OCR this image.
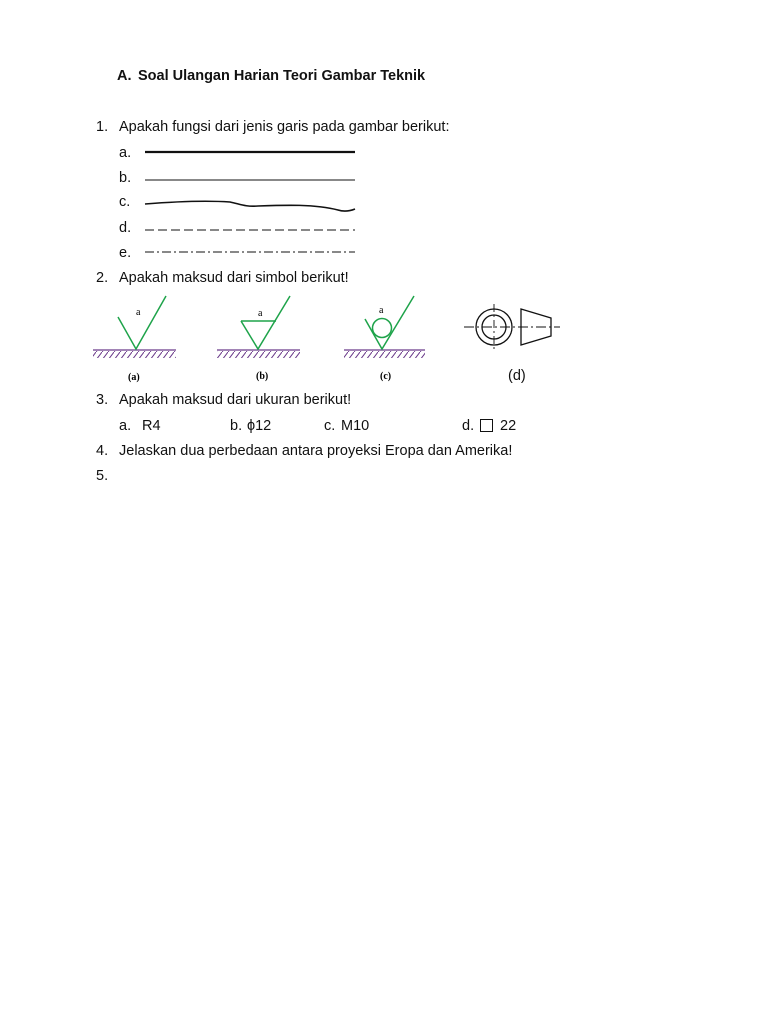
A. Soal Ulangan Harian Teori Gambar Teknik
1. Apakah fungsi dari jenis garis pada gambar berikut:
a.
b.
c.
d.
e.
2. Apakah maksud dari simbol berikut!
a
(a)
a
(b)
a
(c)	(d)
3. Apakah maksud dari ukuran berikut!
a. R4	b. ϕ12	c. M10	d. 22
4. Jelaskan dua perbedaan antara proyeksi Eropa dan Amerika!
5.
